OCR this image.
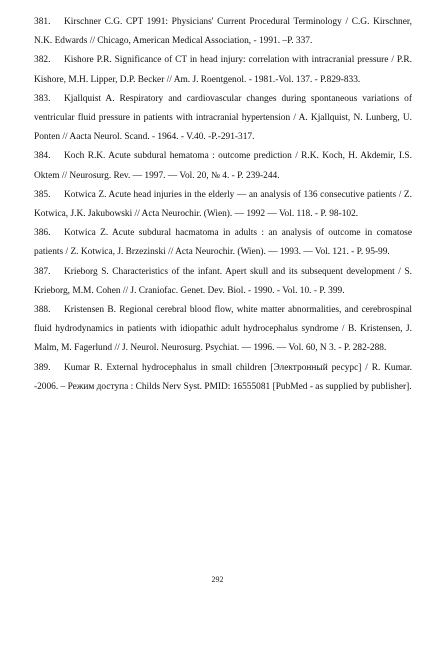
381. Kirschner C.G. CPT 1991: Physicians' Current Procedural Terminology / C.G. Kirschner, N.K. Edwards // Chicago, American Medical Association, - 1991. –P. 337.

382. Kishore P.R. Significance of CT in head injury: correlation with intracranial pressure / P.R. Kishore, M.H. Lipper, D.P. Becker // Am. J. Roentgenol. - 1981.-Vol. 137. - P.829-833.

383. Kjallquist A. Respiratory and cardiovascular changes during spontaneous variations of ventricular fluid pressure in patients with intracranial hypertension / A. Kjallquist, N. Lunberg, U. Ponten // Aacta Neurol. Scand. - 1964. - V.40. -P.-291-317.

384. Koch R.K. Acute subdural hematoma : outcome prediction / R.K. Koch, H. Akdemir, I.S. Oktem // Neurosurg. Rev. — 1997. — Vol. 20, № 4. - P. 239-244.

385. Kotwica Z. Acute head injuries in the elderly — an analysis of 136 consecutive patients / Z. Kotwica, J.K. Jakubowski // Acta Neurochir. (Wien). — 1992 — Vol. 118. - P. 98-102.

386. Kotwica Z. Acute subdural hacmatoma in adults : an analysis of outcome in comatose patients / Z. Kotwica, J. Brzezinski // Acta Neurochir. (Wien). — 1993. — Vol. 121. - P. 95-99.

387. Krieborg S. Characteristics of the infant. Apert skull and its subsequent development / S. Krieborg, M.M. Cohen // J. Craniofac. Genet. Dev. Biol. - 1990. - Vol. 10. - P. 399.

388. Kristensen B. Regional cerebral blood flow, white matter abnormalities, and cerebrospinal fluid hydrodynamics in patients with idiopathic adult hydrocephalus syndrome / B. Kristensen, J. Malm, M. Fagerlund // J. Neurol. Neurosurg. Psychiat. — 1996. — Vol. 60, N 3. - P. 282-288.

389. Kumar R. External hydrocephalus in small children [Электронный ресурс] / R. Kumar. -2006. – Режим доступа : Childs Nerv Syst. PMID: 16555081 [PubMed - as supplied by publisher].

292
